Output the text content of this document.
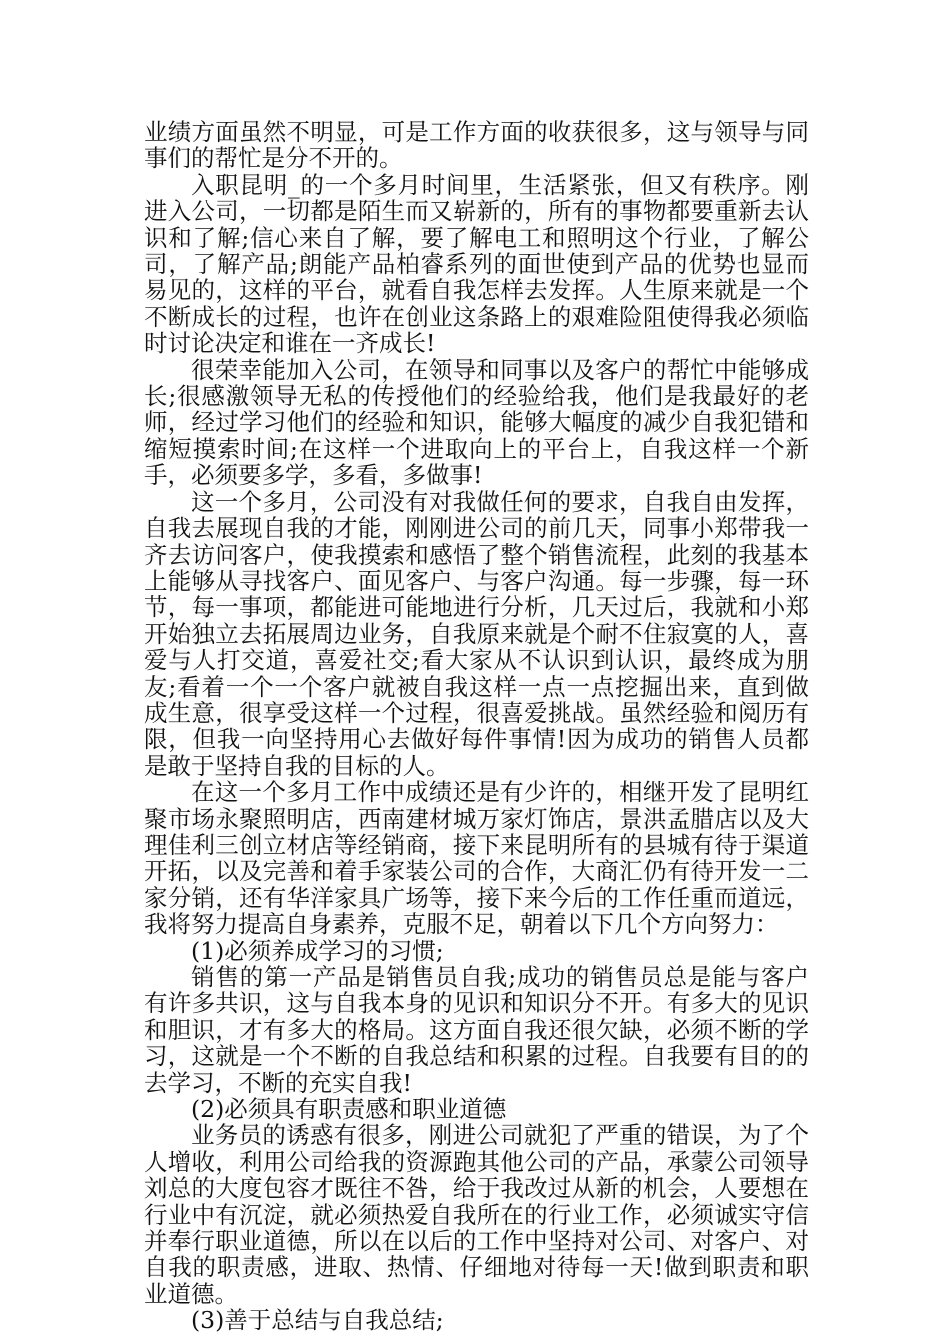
业绩方面虽然不明显，可是工作方面的收获很多，这与领导与同事们的帮忙是分不开的。

入职昆明_的一个多月时间里，生活紧张，但又有秩序。刚进入公司，一切都是陌生而又崭新的，所有的事物都要重新去认识和了解;信心来自了解，要了解电工和照明这个行业，了解公司，了解产品;朗能产品柏睿系列的面世使到产品的优势也显而易见的，这样的平台，就看自我怎样去发挥。人生原来就是一个不断成长的过程，也许在创业这条路上的艰难险阻使得我必须临时讨论决定和谁在一齐成长!

很荣幸能加入公司，在领导和同事以及客户的帮忙中能够成长;很感激领导无私的传授他们的经验给我，他们是我最好的老师，经过学习他们的经验和知识，能够大幅度的减少自我犯错和缩短摸索时间;在这样一个进取向上的平台上，自我这样一个新手，必须要多学，多看，多做事!

这一个多月，公司没有对我做任何的要求，自我自由发挥，自我去展现自我的才能，刚刚进公司的前几天，同事小郑带我一齐去访问客户，使我摸索和感悟了整个销售流程，此刻的我基本上能够从寻找客户、面见客户、与客户沟通。每一步骤，每一环节，每一事项，都能进可能地进行分析，几天过后，我就和小郑开始独立去拓展周边业务，自我原来就是个耐不住寂寞的人，喜爱与人打交道，喜爱社交;看大家从不认识到认识，最终成为朋友;看着一个一个客户就被自我这样一点一点挖掘出来，直到做成生意，很享受这样一个过程，很喜爱挑战。虽然经验和阅历有限，但我一向坚持用心去做好每件事情!因为成功的销售人员都是敢于坚持自我的目标的人。

在这一个多月工作中成绩还是有少许的，相继开发了昆明红聚市场永聚照明店，西南建材城万家灯饰店，景洪孟腊店以及大理佳利三创立材店等经销商，接下来昆明所有的县城有待于渠道开拓，以及完善和着手家装公司的合作，大商汇仍有待开发一二家分销，还有华洋家具广场等，接下来今后的工作任重而道远，我将努力提高自身素养，克服不足，朝着以下几个方向努力：

(1)必须养成学习的习惯;

销售的第一产品是销售员自我;成功的销售员总是能与客户有许多共识，这与自我本身的见识和知识分不开。有多大的见识和胆识，才有多大的格局。这方面自我还很欠缺，必须不断的学习，这就是一个不断的自我总结和积累的过程。自我要有目的的去学习，不断的充实自我!

(2)必须具有职责感和职业道德

业务员的诱惑有很多，刚进公司就犯了严重的错误，为了个人增收，利用公司给我的资源跑其他公司的产品，承蒙公司领导刘总的大度包容才既往不咎，给于我改过从新的机会，人要想在行业中有沉淀，就必须热爱自我所在的行业工作，必须诚实守信并奉行职业道德，所以在以后的工作中坚持对公司、对客户、对自我的职责感，进取、热情、仔细地对待每一天!做到职责和职业道德。

(3)善于总结与自我总结;
